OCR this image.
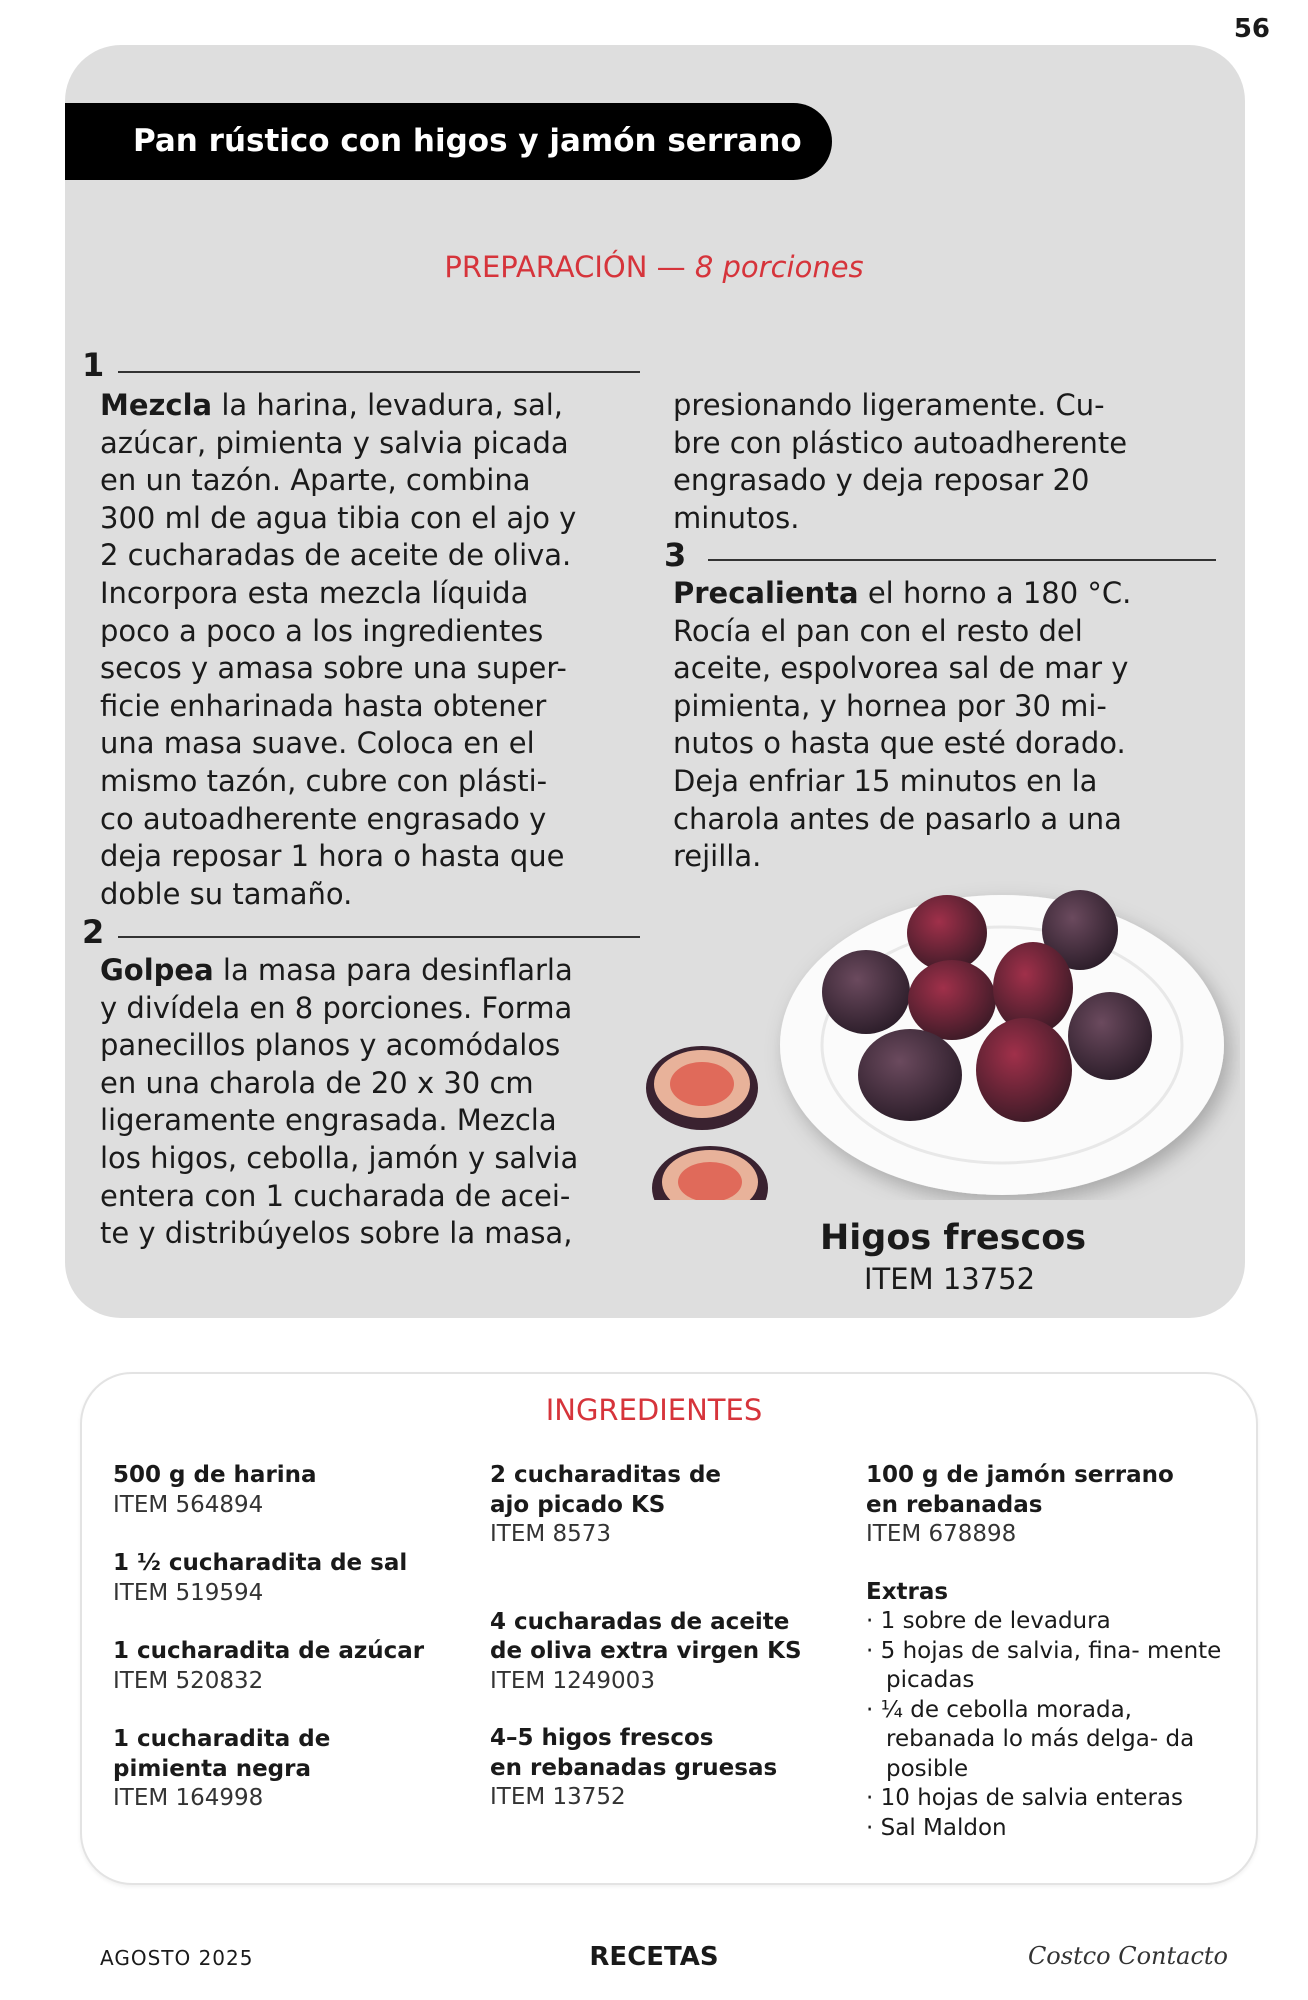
56
Pan rústico con higos y jamón serrano
PREPARACIÓN — 8 porciones
1
Mezcla la harina, levadura, sal,
azúcar, pimienta y salvia picada
en un tazón. Aparte, combina
300 ml de agua tibia con el ajo y
2 cucharadas de aceite de oliva.
Incorpora esta mezcla líquida
poco a poco a los ingredientes
secos y amasa sobre una super-
ficie enharinada hasta obtener
una masa suave. Coloca en el
mismo tazón, cubre con plásti-
co autoadherente engrasado y
deja reposar 1 hora o hasta que
doble su tamaño.
2
Golpea la masa para desinflarla
y divídela en 8 porciones. Forma
panecillos planos y acomódalos
en una charola de 20 x 30 cm
ligeramente engrasada. Mezcla
los higos, cebolla, jamón y salvia
entera con 1 cucharada de acei-
te y distribúyelos sobre la masa,
presionando ligeramente. Cu-
bre con plástico autoadherente
engrasado y deja reposar 20
minutos.
3
Precalienta el horno a 180 °C.
Rocía el pan con el resto del
aceite, espolvorea sal de mar y
pimienta, y hornea por 30 mi-
nutos o hasta que esté dorado.
Deja enfriar 15 minutos en la
charola antes de pasarlo a una
rejilla.
Higos frescos
ITEM 13752
INGREDIENTES
500 g de harina
ITEM 564894
1 ½ cucharadita de sal
ITEM 519594
1 cucharadita de azúcar
ITEM 520832
1 cucharadita de
pimienta negra
ITEM 164998
2 cucharaditas de
ajo picado KS
ITEM 8573
4 cucharadas de aceite
de oliva extra virgen KS
ITEM 1249003
4–5 higos frescos
en rebanadas gruesas
ITEM 13752
100 g de jamón serrano
en rebanadas
ITEM 678898
Extras
· 1 sobre de levadura
· 5 hojas de salvia, fina- mente picadas
· ¼ de cebolla morada, rebanada lo más delga- da posible
· 10 hojas de salvia enteras
· Sal Maldon
AGOSTO 2025	RECETAS	Costco Contacto
